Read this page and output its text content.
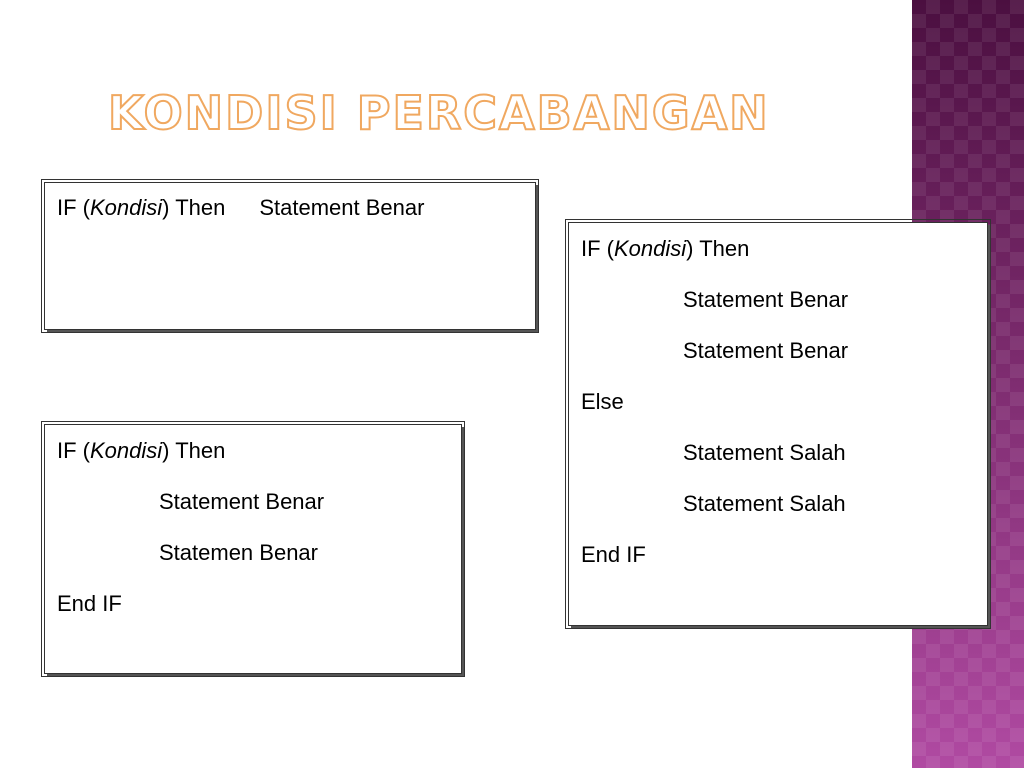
KONDISI PERCABANGAN
IF (Kondisi) Then Statement Benar
IF (Kondisi) Then
Statement Benar
Statemen Benar
End IF
IF (Kondisi) Then
Statement Benar
Statement Benar
Else
Statement Salah
Statement Salah
End IF
